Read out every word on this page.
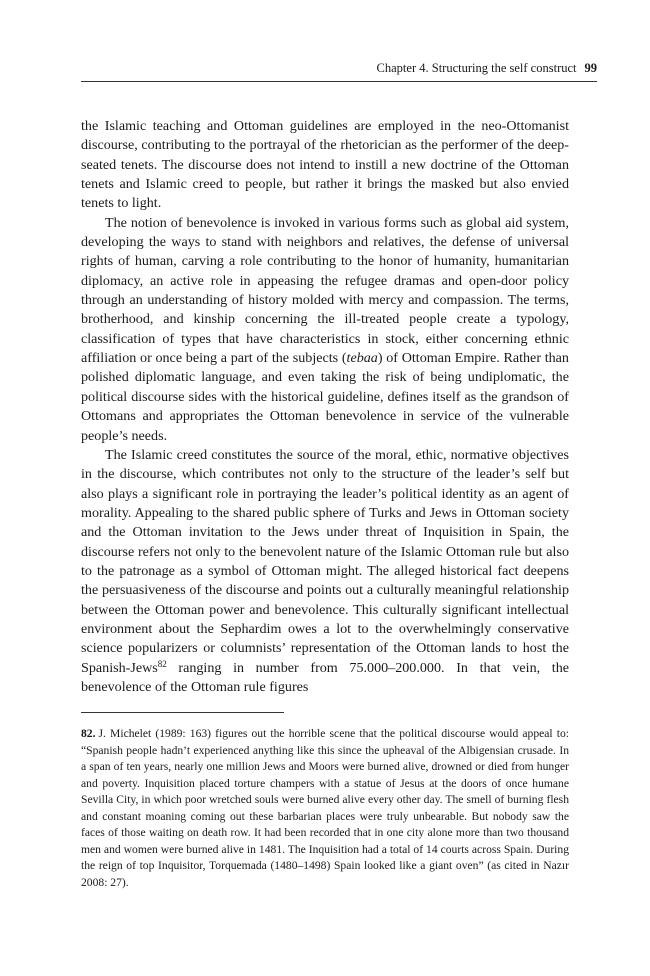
Chapter 4. Structuring the self construct 99

the Islamic teaching and Ottoman guidelines are employed in the neo-Ottomanist discourse, contributing to the portrayal of the rhetorician as the performer of the deep-seated tenets. The discourse does not intend to instill a new doctrine of the Ottoman tenets and Islamic creed to people, but rather it brings the masked but also envied tenets to light.

The notion of benevolence is invoked in various forms such as global aid system, developing the ways to stand with neighbors and relatives, the defense of universal rights of human, carving a role contributing to the honor of humanity, humanitarian diplomacy, an active role in appeasing the refugee dramas and open-door policy through an understanding of history molded with mercy and compassion. The terms, brotherhood, and kinship concerning the ill-treated people create a typology, classification of types that have characteristics in stock, either concerning ethnic affiliation or once being a part of the subjects (tebaa) of Ottoman Empire. Rather than polished diplomatic language, and even taking the risk of being undiplomatic, the political discourse sides with the historical guideline, defines itself as the grandson of Ottomans and appropriates the Ottoman benevolence in service of the vulnerable people’s needs.

The Islamic creed constitutes the source of the moral, ethic, normative objectives in the discourse, which contributes not only to the structure of the leader’s self but also plays a significant role in portraying the leader’s political identity as an agent of morality. Appealing to the shared public sphere of Turks and Jews in Ottoman society and the Ottoman invitation to the Jews under threat of Inquisition in Spain, the discourse refers not only to the benevolent nature of the Islamic Ottoman rule but also to the patronage as a symbol of Ottoman might. The alleged historical fact deepens the persuasiveness of the discourse and points out a culturally meaningful relationship between the Ottoman power and benevolence. This culturally significant intellectual environment about the Sephardim owes a lot to the overwhelmingly conservative science popularizers or columnists’ representation of the Ottoman lands to host the Spanish-Jews$^{82}$ ranging in number from 75.000–200.000. In that vein, the benevolence of the Ottoman rule figures

82. J. Michelet (1989: 163) figures out the horrible scene that the political discourse would appeal to: “Spanish people hadn’t experienced anything like this since the upheaval of the Albigensian crusade. In a span of ten years, nearly one million Jews and Moors were burned alive, drowned or died from hunger and poverty. Inquisition placed torture champers with a statue of Jesus at the doors of once humane Sevilla City, in which poor wretched souls were burned alive every other day. The smell of burning flesh and constant moaning coming out these barbarian places were truly unbearable. But nobody saw the faces of those waiting on death row. It had been recorded that in one city alone more than two thousand men and women were burned alive in 1481. The Inquisition had a total of 14 courts across Spain. During the reign of top Inquisitor, Torquemada (1480–1498) Spain looked like a giant oven” (as cited in Nazır 2008: 27).
